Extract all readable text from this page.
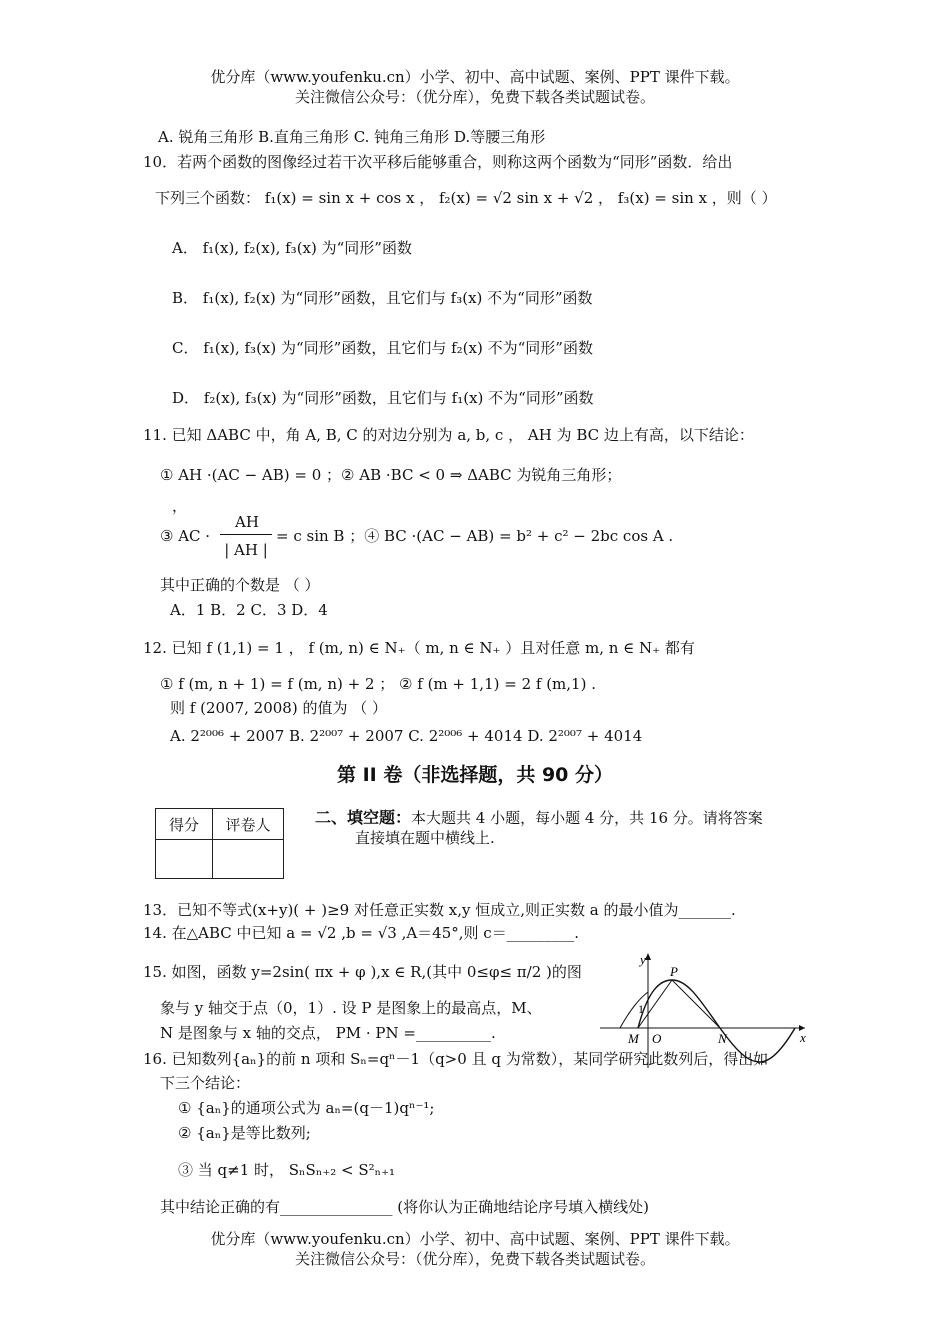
优分库（www.youfenku.cn）小学、初中、高中试题、案例、PPT 课件下载。
关注微信公众号：（优分库），免费下载各类试题试卷。
A. 锐角三角形 B.直角三角形 C. 钝角三角形 D.等腰三角形
10．若两个函数的图像经过若干次平移后能够重合，则称这两个函数为“同形”函数．给出
下列三个函数： f₁(x) = sin x + cos x ， f₂(x) = √2 sin x + √2 ， f₃(x) = sin x ，则（ ）
A． f₁(x), f₂(x), f₃(x) 为“同形”函数
B． f₁(x), f₂(x) 为“同形”函数，且它们与 f₃(x) 不为“同形”函数
C． f₁(x), f₃(x) 为“同形”函数，且它们与 f₂(x) 不为“同形”函数
D． f₂(x), f₃(x) 为“同形”函数，且它们与 f₁(x) 不为“同形”函数
11. 已知 ΔABC 中，角 A, B, C 的对边分别为 a, b, c ， AH 为 BC 边上有高，以下结论：
① AH ·(AC − AB) = 0 ；② AB ·BC < 0 ⇒ ΔABC 为锐角三角形；
，
③ AC ·
AH
| AH |
= c sin B ；④ BC ·(AC − AB) = b² + c² − 2bc cos A .
其中正确的个数是 （ ）
A．1 B．2 C．3 D．4
12. 已知 f (1,1) = 1 ， f (m, n) ∈ N₊（ m, n ∈ N₊ ）且对任意 m, n ∈ N₊ 都有
① f (m, n + 1) = f (m, n) + 2 ； ② f (m + 1,1) = 2 f (m,1) .
则 f (2007, 2008) 的值为 （ ）
A. 2²⁰⁰⁶ + 2007 B. 2²⁰⁰⁷ + 2007 C. 2²⁰⁰⁶ + 4014 D. 2²⁰⁰⁷ + 4014
第 II 卷（非选择题，共 90 分）
得分	评卷人
		二、填空题：本大题共 4 小题，每小题 4 分，共 16 分。请将答案
直接填在题中横线上.
13．已知不等式(x+y)( + )≥9 对任意正实数 x,y 恒成立,则正实数 a 的最小值为_______.
14. 在△ABC 中已知 a = √2 ,b = √3 ,A＝45°,则 c＝_________.
15. 如图，函数 y=2sin( πx + φ ),x ∈ R,(其中 0≤φ≤ π/2 )的图
象与 y 轴交于点（0，1）. 设 P 是图象上的最高点，M、
N 是图象与 x 轴的交点， PM · PN =__________.
y
x
P
1
M O	N
16. 已知数列{aₙ}的前 n 项和 Sₙ=qⁿ－1（q>0 且 q 为常数），某同学研究此数列后，得出如
下三个结论：
① {aₙ}的通项公式为 aₙ=(q－1)qⁿ⁻¹;
② {aₙ}是等比数列;
③ 当 q≠1 时， SₙSₙ₊₂ < S²ₙ₊₁
其中结论正确的有_______________ (将你认为正确地结论序号填入横线处)
优分库（www.youfenku.cn）小学、初中、高中试题、案例、PPT 课件下载。
关注微信公众号：（优分库），免费下载各类试题试卷。
